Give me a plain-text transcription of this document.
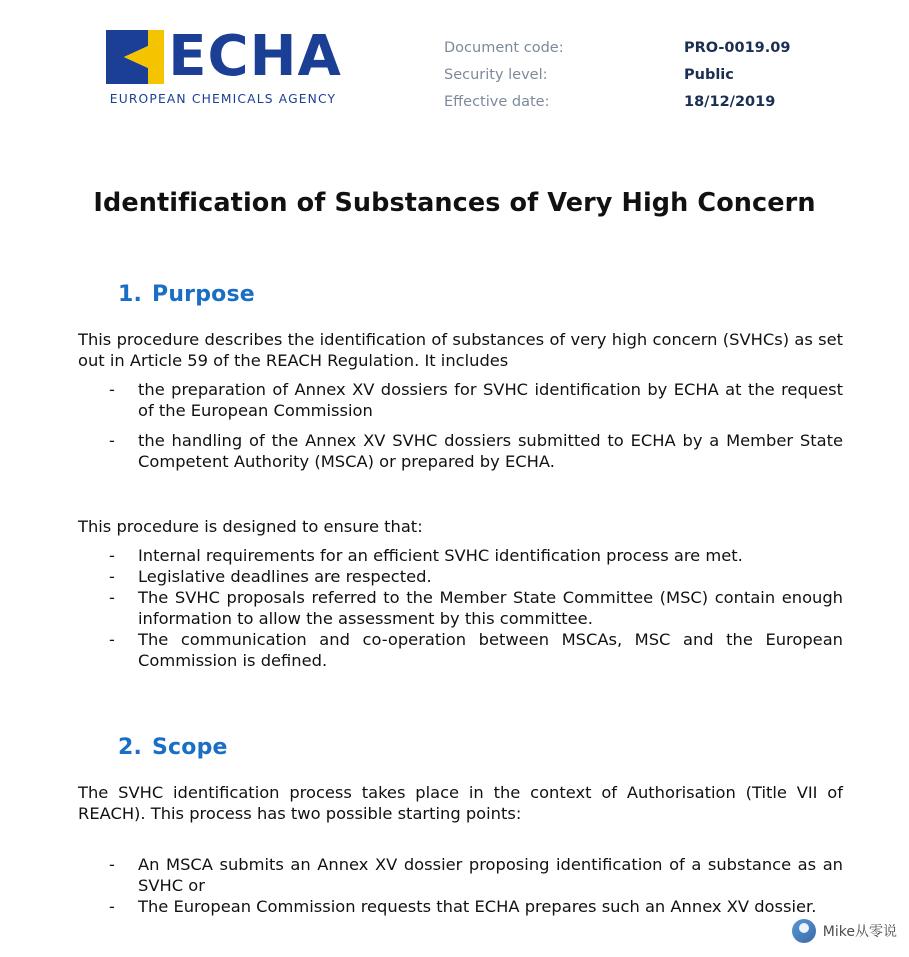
ECHA
EUROPEAN CHEMICALS AGENCY
Document code:	PRO-0019.09
Security level:	Public
Effective date:	18/12/2019
Identification of Substances of Very High Concern
1. Purpose

This procedure describes the identification of substances of very high concern (SVHCs) as set out in Article 59 of the REACH Regulation. It includes

- the preparation of Annex XV dossiers for SVHC identification by ECHA at the request of the European Commission
- the handling of the Annex XV SVHC dossiers submitted to ECHA by a Member State Competent Authority (MSCA) or prepared by ECHA.

This procedure is designed to ensure that:

- Internal requirements for an efficient SVHC identification process are met.
- Legislative deadlines are respected.
- The SVHC proposals referred to the Member State Committee (MSC) contain enough information to allow the assessment by this committee.
- The communication and co-operation between MSCAs, MSC and the European Commission is defined.
2. Scope

The SVHC identification process takes place in the context of Authorisation (Title VII of REACH). This process has two possible starting points:

- An MSCA submits an Annex XV dossier proposing identification of a substance as an SVHC or
- The European Commission requests that ECHA prepares such an Annex XV dossier.
Mike从零说
